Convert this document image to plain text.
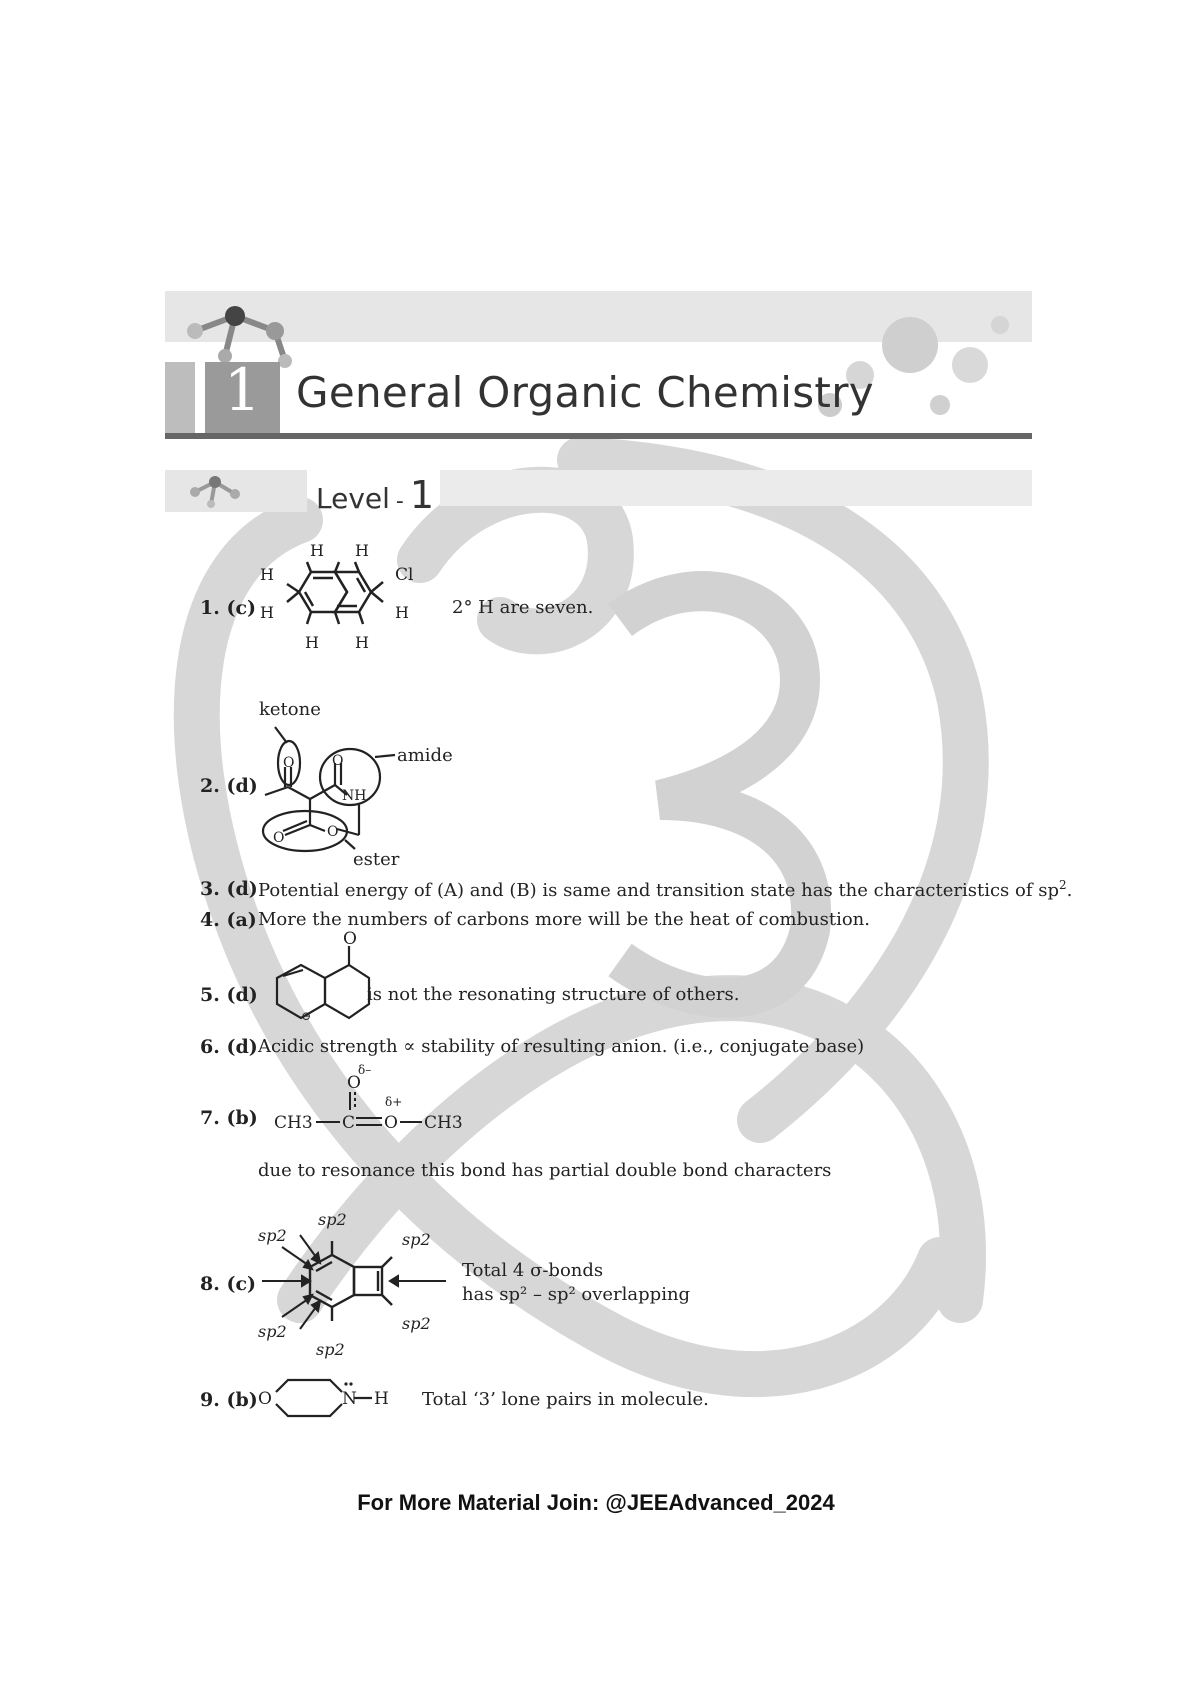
1 General Organic Chemistry
Level - 1
1. (c)
H H
H	Cl
H	H
H H
2° H are seven.
2. (d)
ketone
amide
ester
O	O
NH
O	O
3. (d) Potential energy of (A) and (B) is same and transition state has the characteristics of $sp^2$.
4. (a) More the numbers of carbons more will be the heat of combustion.
5. (d)
O
⊖
is not the resonating structure of others.
6. (d) Acidic strength ∝ stability of resulting anion. (i.e., conjugate base)
7. (b) CH3 C O CH3
O
δ–
δ+
due to resonance this bond has partial double bond characters
8. (c)
sp2
sp2	sp2
sp2	sp2
sp2
Total 4 σ-bonds
has sp² – sp² overlapping
9. (b) O	N H Total ‘3’ lone pairs in molecule.
For More Material Join: @JEEAdvanced_2024
